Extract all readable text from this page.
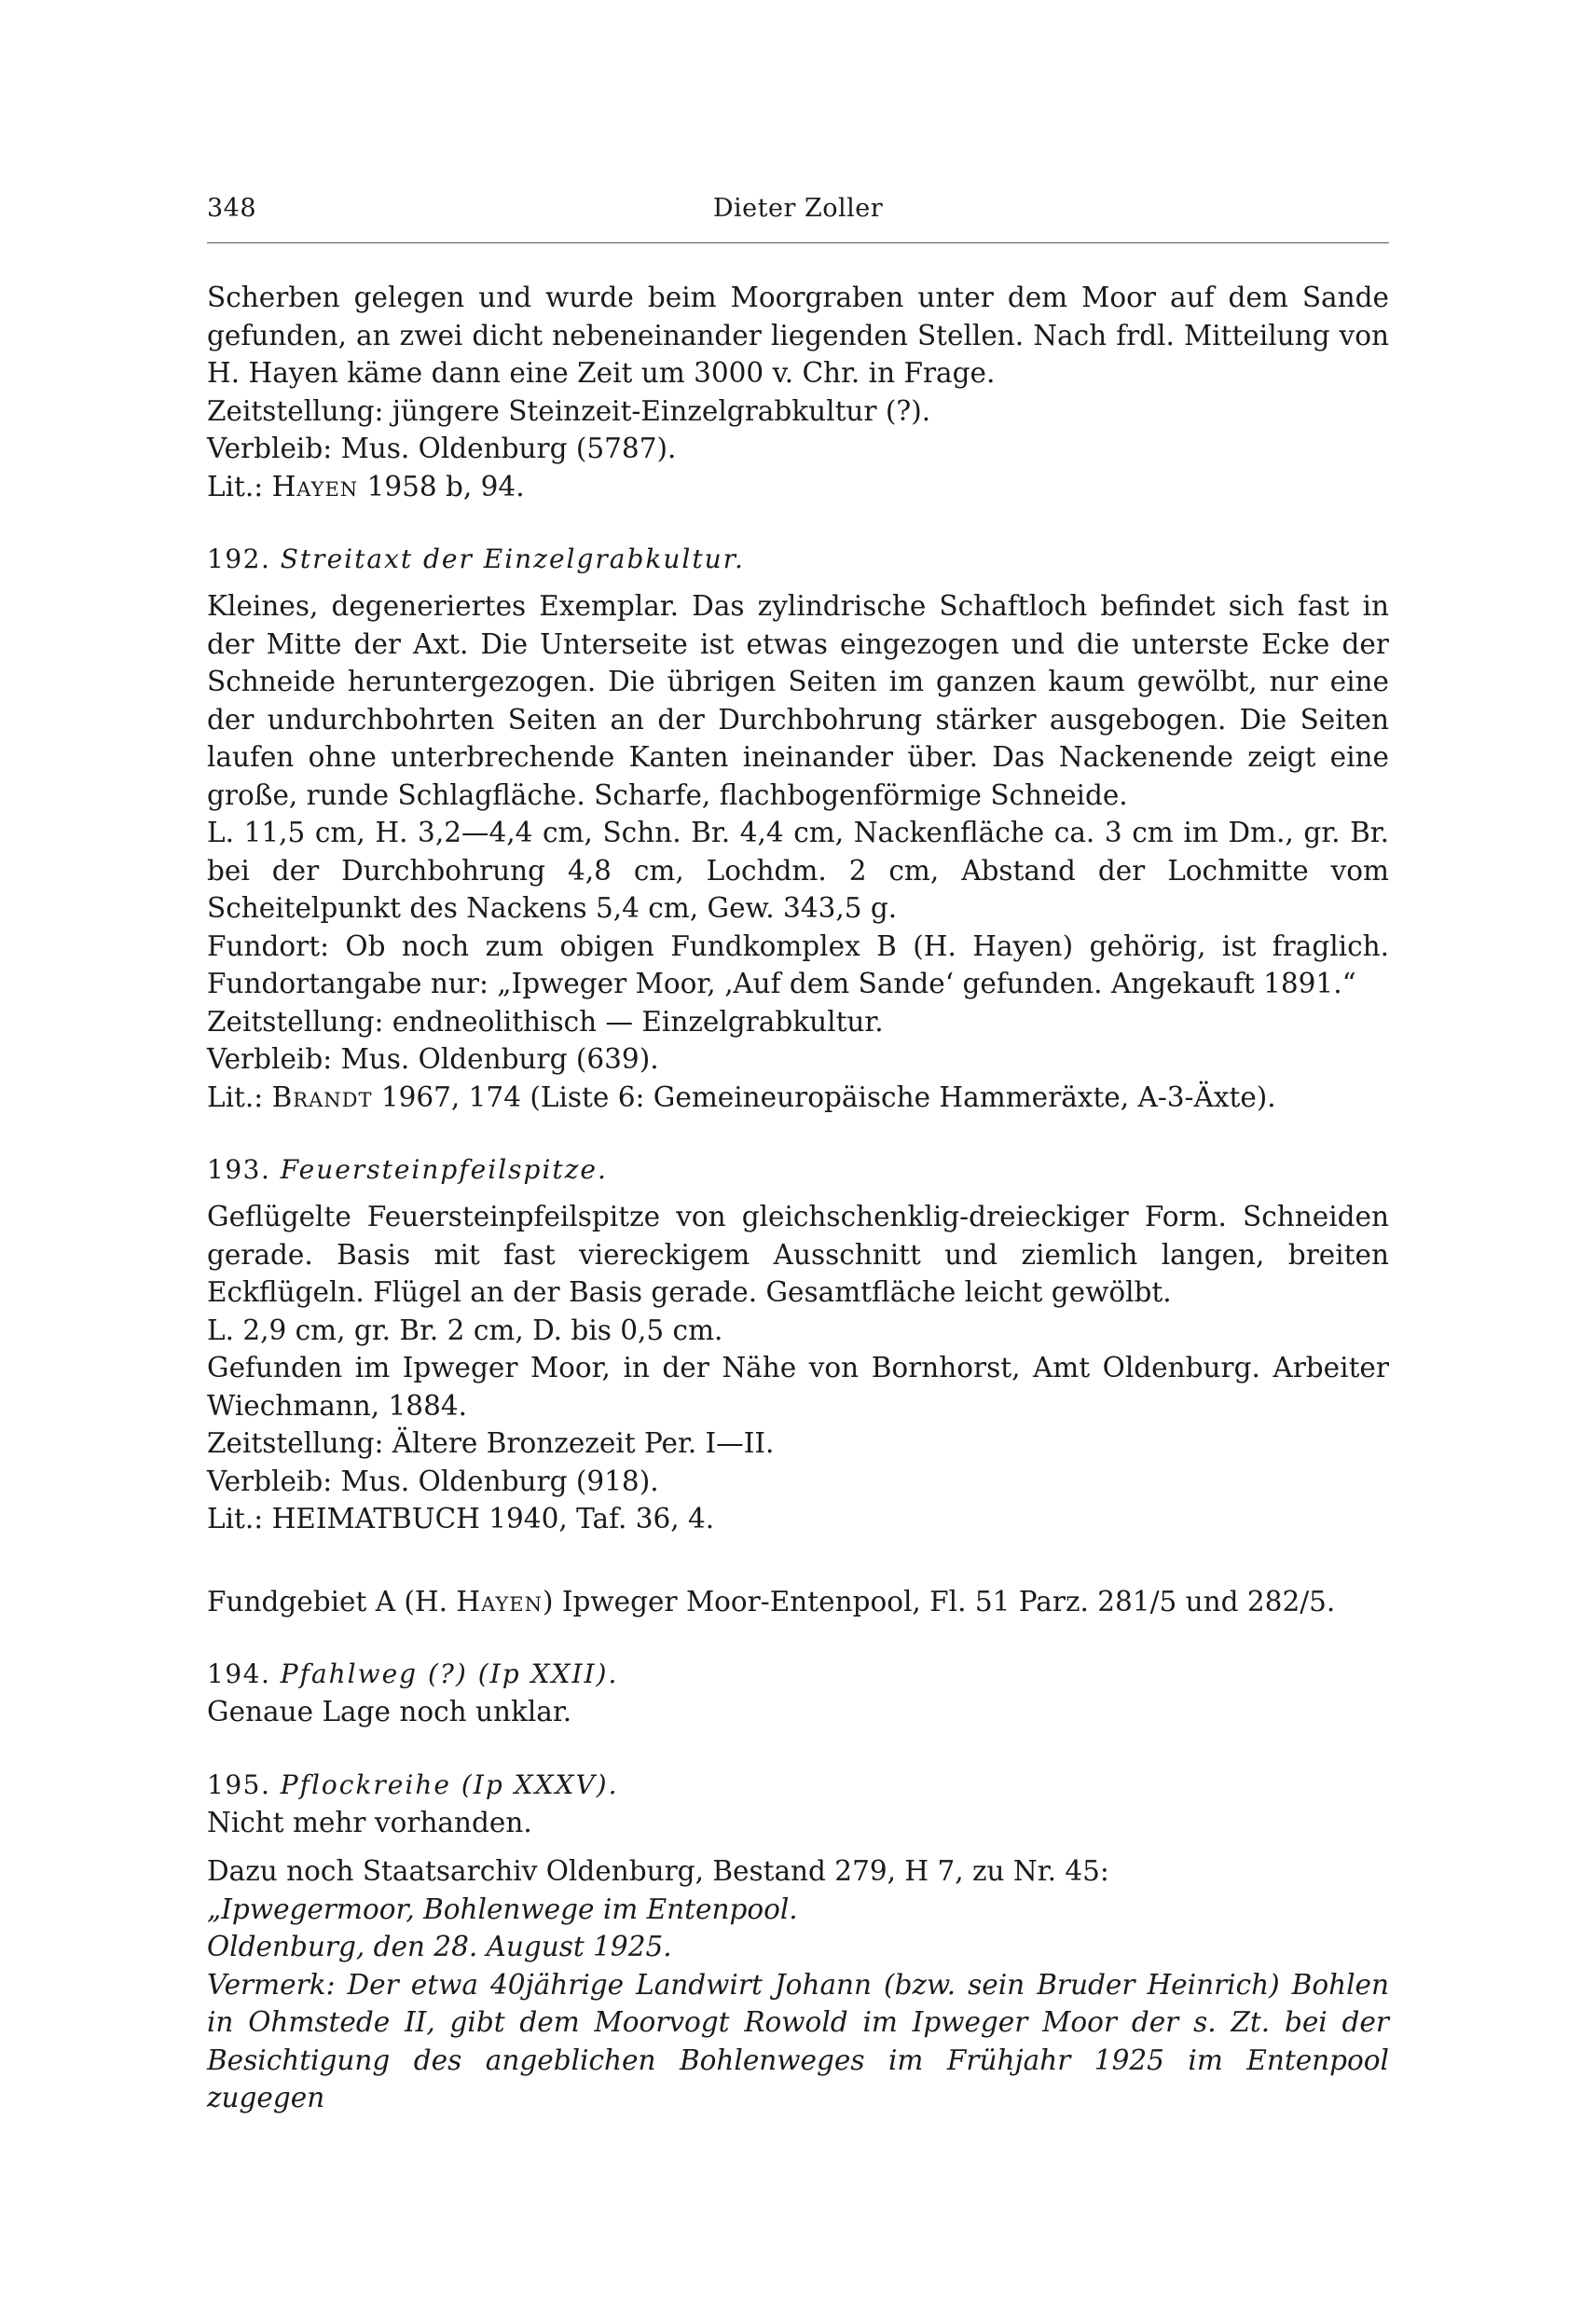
348	Dieter Zoller

Scherben gelegen und wurde beim Moorgraben unter dem Moor auf dem Sande gefunden, an zwei dicht nebeneinander liegenden Stellen. Nach frdl. Mitteilung von H. Hayen käme dann eine Zeit um 3000 v. Chr. in Frage.

Zeitstellung: jüngere Steinzeit-Einzelgrabkultur (?).

Verbleib: Mus. Oldenburg (5787).

Lit.: Hayen 1958 b, 94.

192. Streitaxt der Einzelgrabkultur.

Kleines, degeneriertes Exemplar. Das zylindrische Schaftloch befindet sich fast in der Mitte der Axt. Die Unterseite ist etwas eingezogen und die unterste Ecke der Schneide heruntergezogen. Die übrigen Seiten im ganzen kaum gewölbt, nur eine der undurchbohrten Seiten an der Durchbohrung stärker ausgebogen. Die Seiten laufen ohne unterbrechende Kanten ineinander über. Das Nackenende zeigt eine große, runde Schlagfläche. Scharfe, flachbogenförmige Schneide.

L. 11,5 cm, H. 3,2—4,4 cm, Schn. Br. 4,4 cm, Nackenfläche ca. 3 cm im Dm., gr. Br. bei der Durchbohrung 4,8 cm, Lochdm. 2 cm, Abstand der Lochmitte vom Scheitelpunkt des Nackens 5,4 cm, Gew. 343,5 g.

Fundort: Ob noch zum obigen Fundkomplex B (H. Hayen) gehörig, ist fraglich. Fundortangabe nur: „Ipweger Moor, ‚Auf dem Sande‘ gefunden. Angekauft 1891.“

Zeitstellung: endneolithisch — Einzelgrabkultur.

Verbleib: Mus. Oldenburg (639).

Lit.: Brandt 1967, 174 (Liste 6: Gemeineuropäische Hammeräxte, A-3-Äxte).

193. Feuersteinpfeilspitze.

Geflügelte Feuersteinpfeilspitze von gleichschenklig-dreieckiger Form. Schneiden gerade. Basis mit fast viereckigem Ausschnitt und ziemlich langen, breiten Eckflügeln. Flügel an der Basis gerade. Gesamtfläche leicht gewölbt.

L. 2,9 cm, gr. Br. 2 cm, D. bis 0,5 cm.

Gefunden im Ipweger Moor, in der Nähe von Bornhorst, Amt Oldenburg. Arbeiter Wiechmann, 1884.

Zeitstellung: Ältere Bronzezeit Per. I—II.

Verbleib: Mus. Oldenburg (918).

Lit.: HEIMATBUCH 1940, Taf. 36, 4.

Fundgebiet A (H. Hayen) Ipweger Moor-Entenpool, Fl. 51 Parz. 281/5 und 282/5.

194. Pfahlweg (?) (Ip XXII).

Genaue Lage noch unklar.

195. Pflockreihe (Ip XXXV).

Nicht mehr vorhanden.

Dazu noch Staatsarchiv Oldenburg, Bestand 279, H 7, zu Nr. 45:

„Ipwegermoor, Bohlenwege im Entenpool.

Oldenburg, den 28. August 1925.

Vermerk: Der etwa 40jährige Landwirt Johann (bzw. sein Bruder Heinrich) Bohlen in Ohmstede II, gibt dem Moorvogt Rowold im Ipweger Moor der s. Zt. bei der Besichtigung des angeblichen Bohlenweges im Frühjahr 1925 im Entenpool zugegen
